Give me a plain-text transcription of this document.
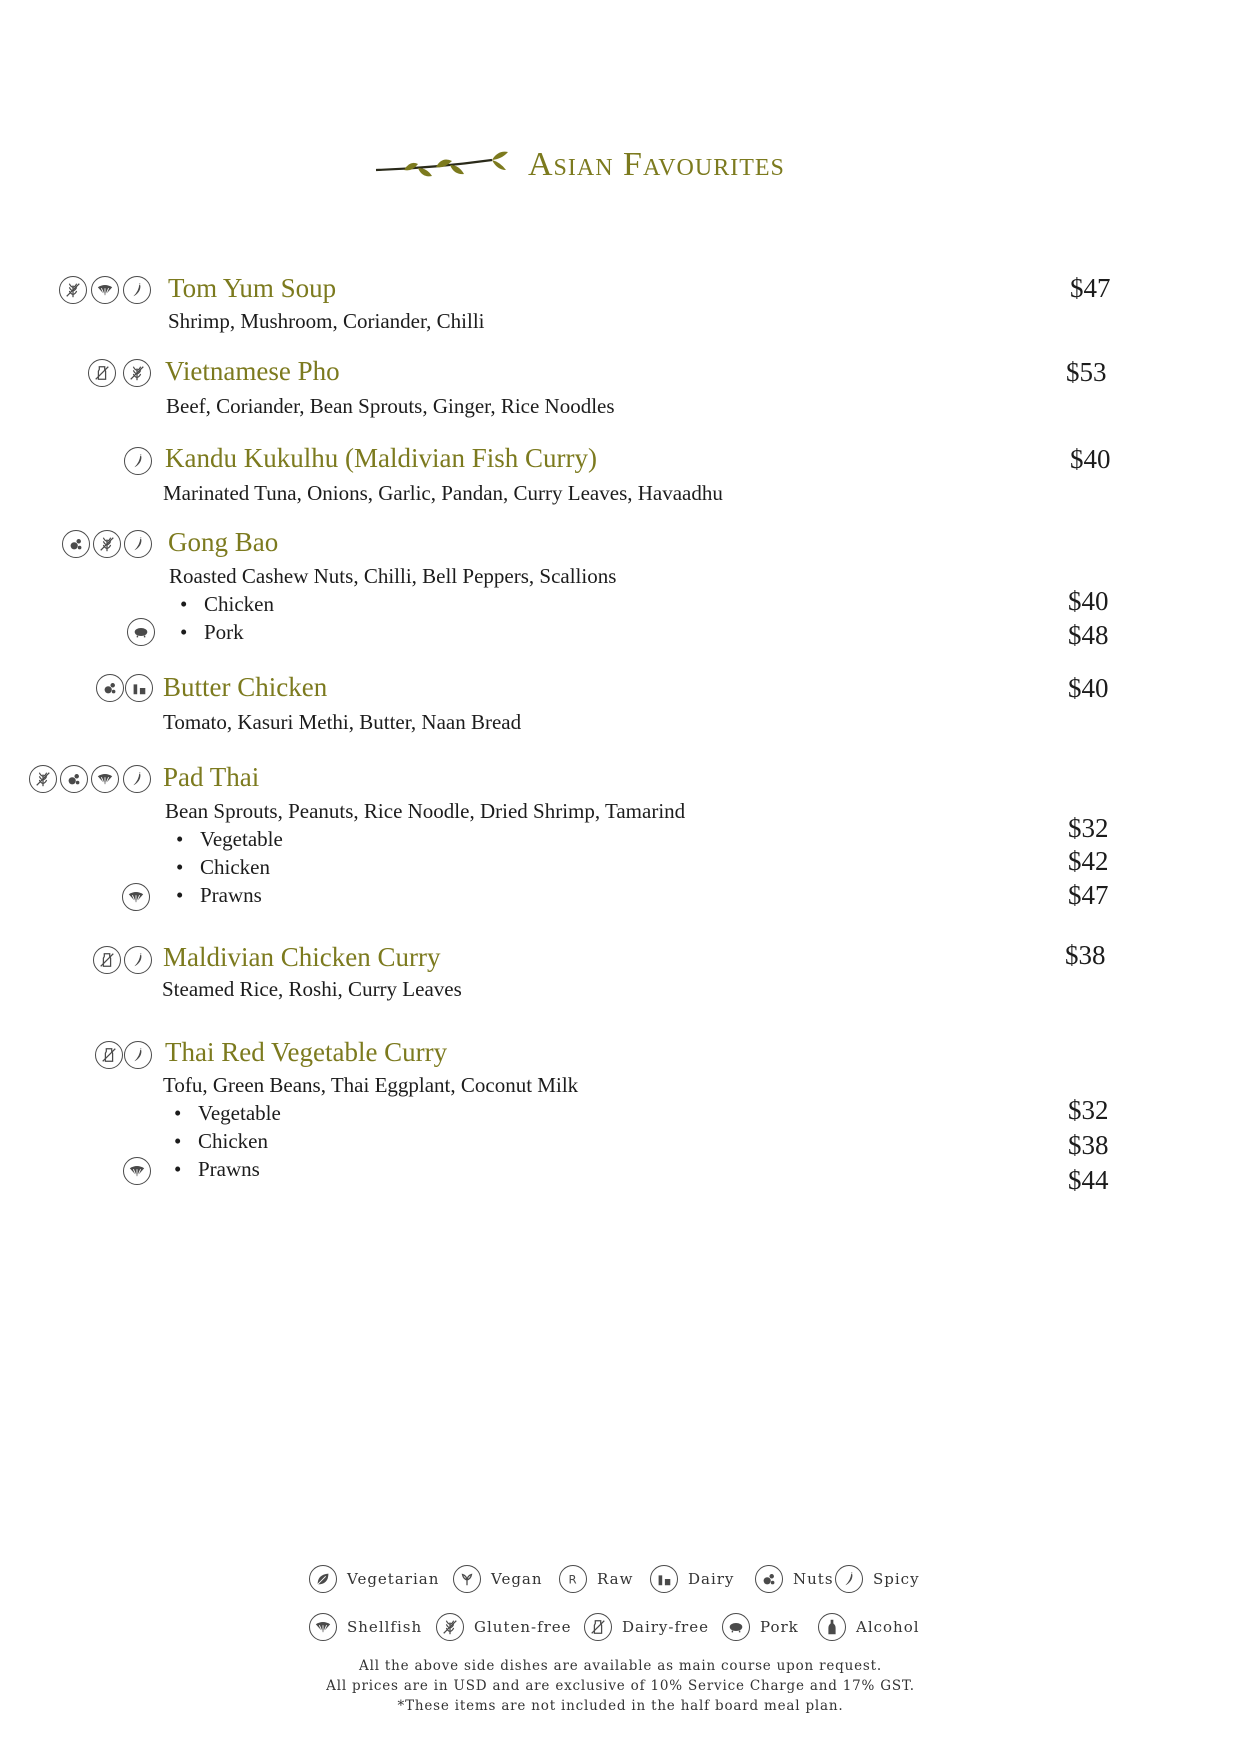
Asian Favourites
Tom Yum Soup
Shrimp, Mushroom, Coriander, Chilli
$47
Vietnamese Pho
Beef, Coriander, Bean Sprouts, Ginger, Rice Noodles
$53
Kandu Kukulhu (Maldivian Fish Curry)
Marinated Tuna, Onions, Garlic, Pandan, Curry Leaves, Havaadhu
$40
Gong Bao
Roasted Cashew Nuts, Chilli, Bell Peppers, Scallions
• Chicken	$40
• Pork	$48
Butter Chicken
Tomato, Kasuri Methi, Butter, Naan Bread
$40
Pad Thai
Bean Sprouts, Peanuts, Rice Noodle, Dried Shrimp, Tamarind
• Vegetable	$32
• Chicken	$42
• Prawns	$47
Maldivian Chicken Curry
Steamed Rice, Roshi, Curry Leaves
$38
Thai Red Vegetable Curry
Tofu, Green Beans, Thai Eggplant, Coconut Milk
• Vegetable	$32
• Chicken	$38
• Prawns	$44
Vegetarian	Vegan	Raw	Dairy	Nuts	Spicy
Shellfish	Gluten-free	Dairy-free	Pork	Alcohol
All the above side dishes are available as main course upon request.
All prices are in USD and are exclusive of 10% Service Charge and 17% GST.
*These items are not included in the half board meal plan.
